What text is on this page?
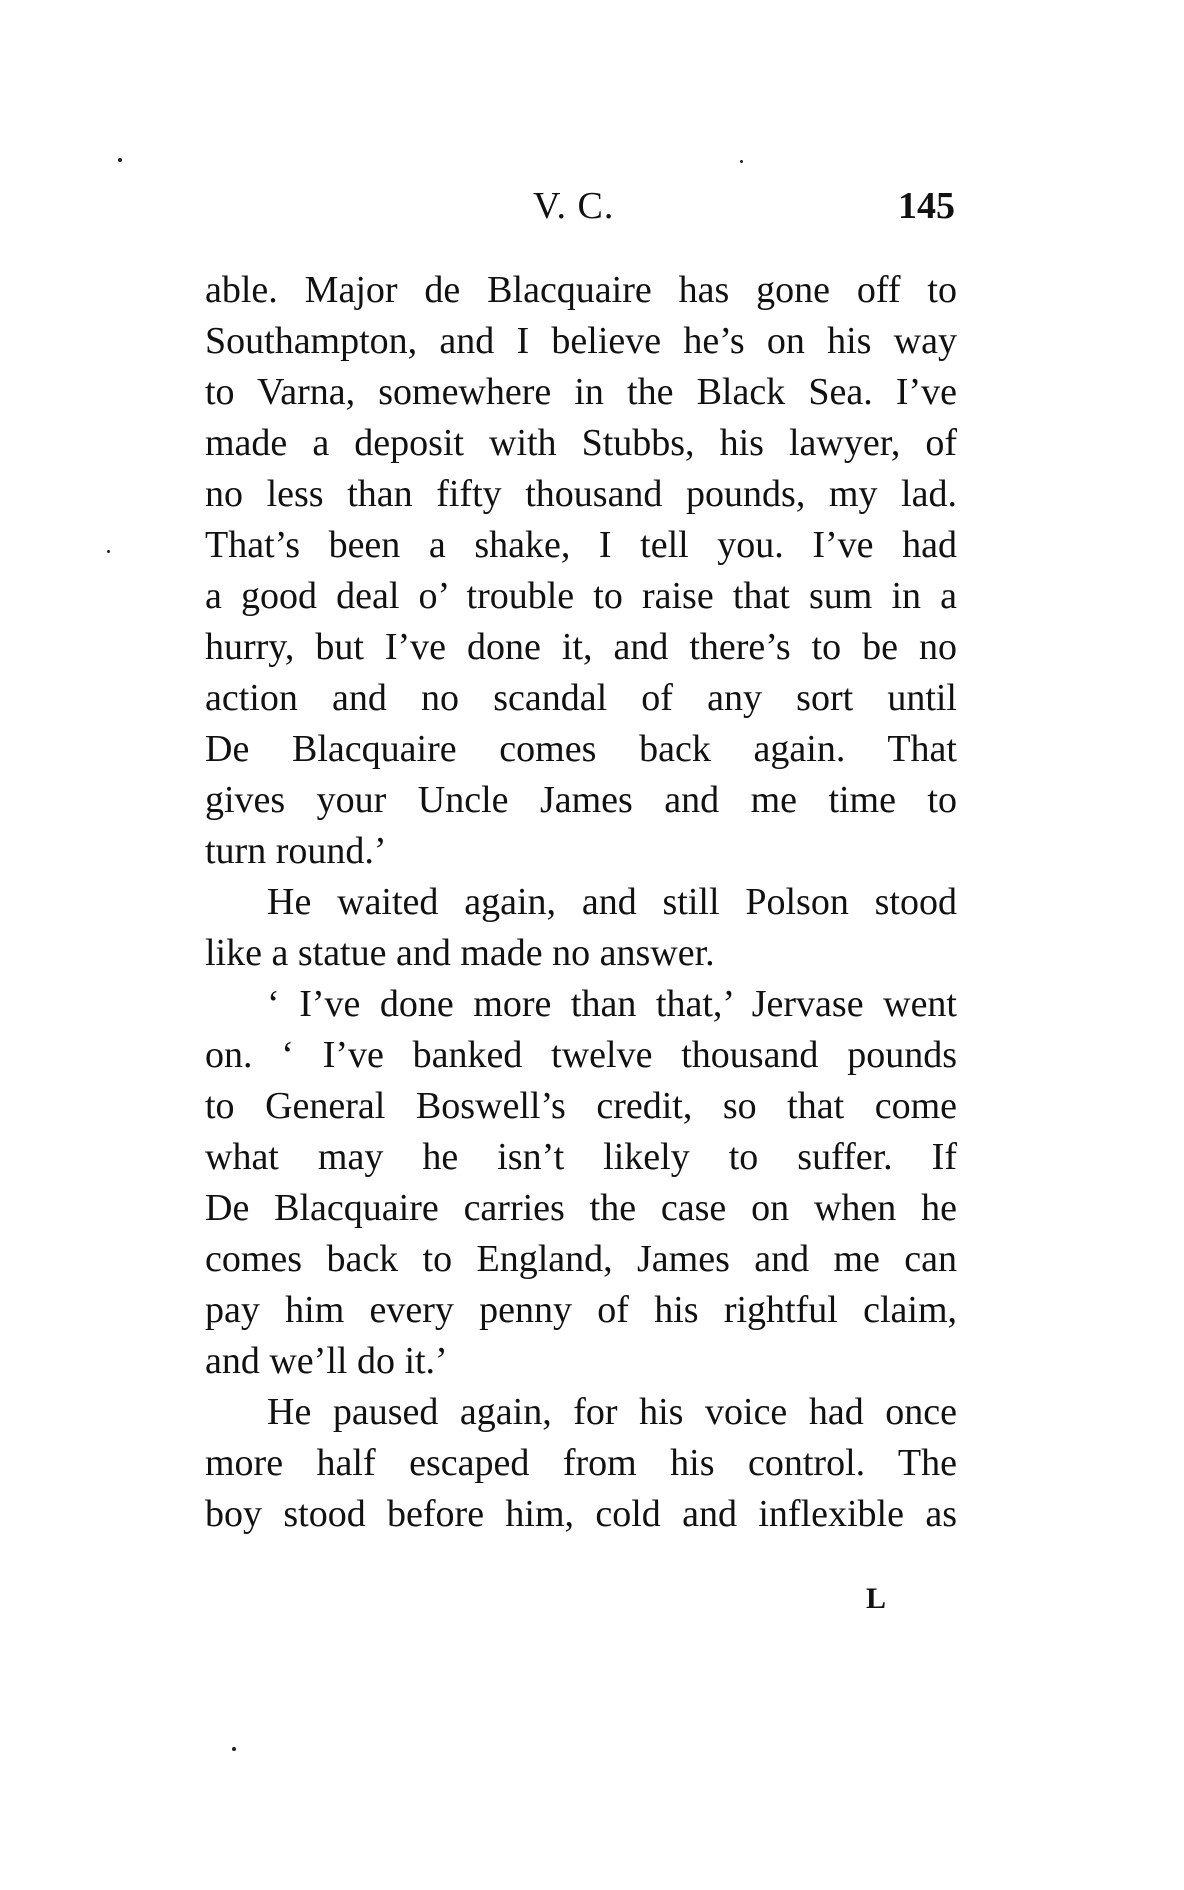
V. C.	145
able. Major de Blacquaire has gone off to
Southampton, and I believe he’s on his way
to Varna, somewhere in the Black Sea. I’ve
made a deposit with Stubbs, his lawyer, of
no less than fifty thousand pounds, my lad.
That’s been a shake, I tell you. I’ve had
a good deal o’ trouble to raise that sum in a
hurry, but I’ve done it, and there’s to be no
action and no scandal of any sort until
De Blacquaire comes back again. That
gives your Uncle James and me time to
turn round.’
He waited again, and still Polson stood
like a statue and made no answer.
‘ I’ve done more than that,’ Jervase went
on. ‘ I’ve banked twelve thousand pounds
to General Boswell’s credit, so that come
what may he isn’t likely to suffer. If
De Blacquaire carries the case on when he
comes back to England, James and me can
pay him every penny of his rightful claim,
and we’ll do it.’
He paused again, for his voice had once
more half escaped from his control. The
boy stood before him, cold and inflexible as
L
